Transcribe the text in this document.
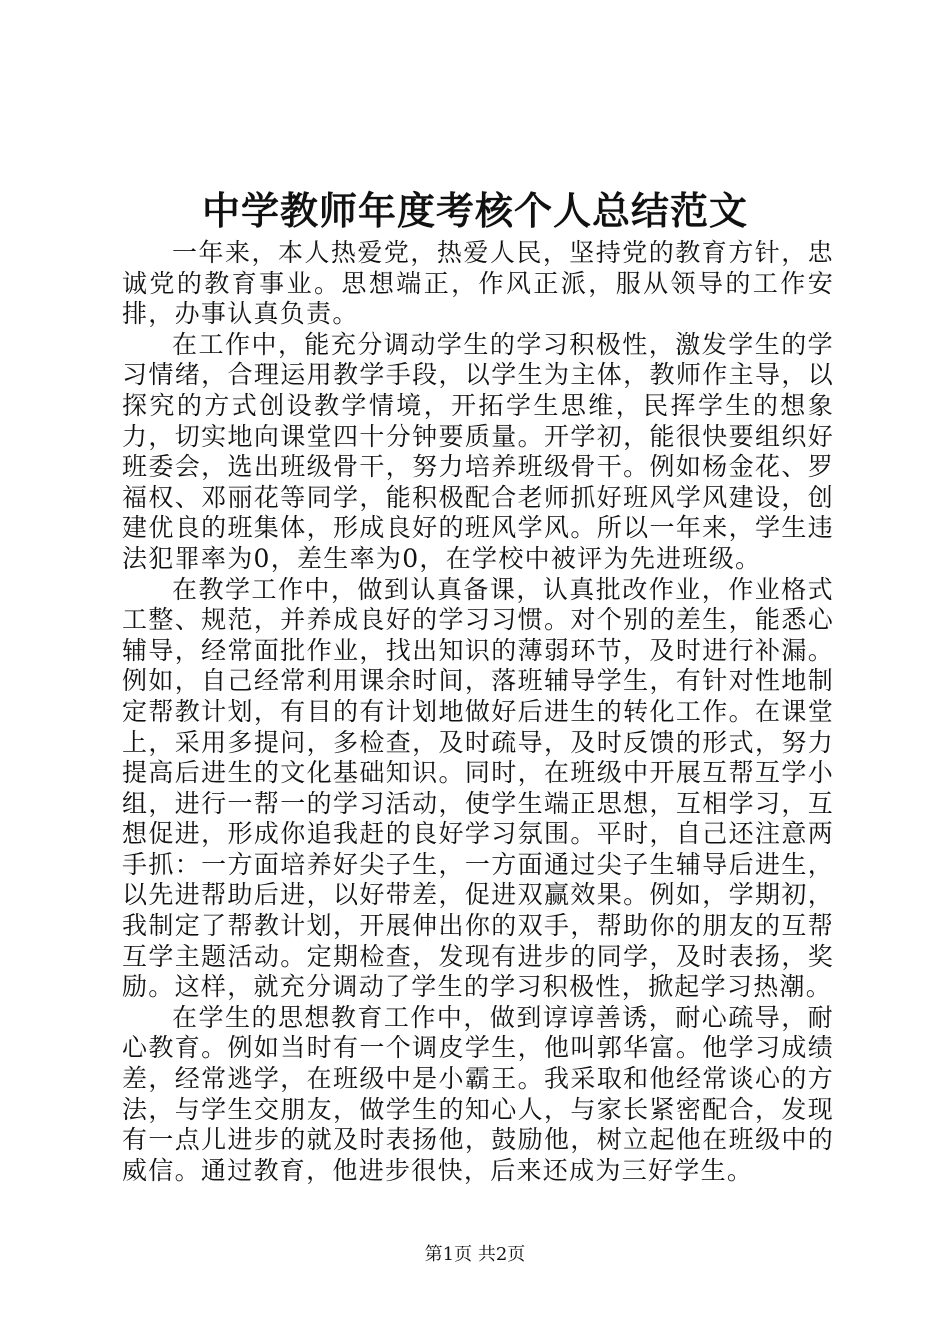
中学教师年度考核个人总结范文

一年来，本人热爱党，热爱人民，坚持党的教育方针，忠诚党的教育事业。思想端正，作风正派，服从领导的工作安排，办事认真负责。

在工作中，能充分调动学生的学习积极性，激发学生的学习情绪，合理运用教学手段，以学生为主体，教师作主导，以探究的方式创设教学情境，开拓学生思维，民挥学生的想象力，切实地向课堂四十分钟要质量。开学初，能很快要组织好班委会，选出班级骨干，努力培养班级骨干。例如杨金花、罗福权、邓丽花等同学，能积极配合老师抓好班风学风建设，创建优良的班集体，形成良好的班风学风。所以一年来，学生违法犯罪率为0，差生率为0，在学校中被评为先进班级。

在教学工作中，做到认真备课，认真批改作业，作业格式工整、规范，并养成良好的学习习惯。对个别的差生，能悉心辅导，经常面批作业，找出知识的薄弱环节，及时进行补漏。例如，自己经常利用课余时间，落班辅导学生，有针对性地制定帮教计划，有目的有计划地做好后进生的转化工作。在课堂上，采用多提问，多检查，及时疏导，及时反馈的形式，努力提高后进生的文化基础知识。同时，在班级中开展互帮互学小组，进行一帮一的学习活动，使学生端正思想，互相学习，互想促进，形成你追我赶的良好学习氛围。平时，自己还注意两手抓：一方面培养好尖子生，一方面通过尖子生辅导后进生，以先进帮助后进，以好带差，促进双赢效果。例如，学期初，我制定了帮教计划，开展伸出你的双手，帮助你的朋友的互帮互学主题活动。定期检查，发现有进步的同学，及时表扬，奖励。这样，就充分调动了学生的学习积极性，掀起学习热潮。

在学生的思想教育工作中，做到谆谆善诱，耐心疏导，耐心教育。例如当时有一个调皮学生，他叫郭华富。他学习成绩差，经常逃学，在班级中是小霸王。我采取和他经常谈心的方法，与学生交朋友，做学生的知心人，与家长紧密配合，发现有一点儿进步的就及时表扬他，鼓励他，树立起他在班级中的威信。通过教育，他进步很快，后来还成为三好学生。

第1页 共2页
